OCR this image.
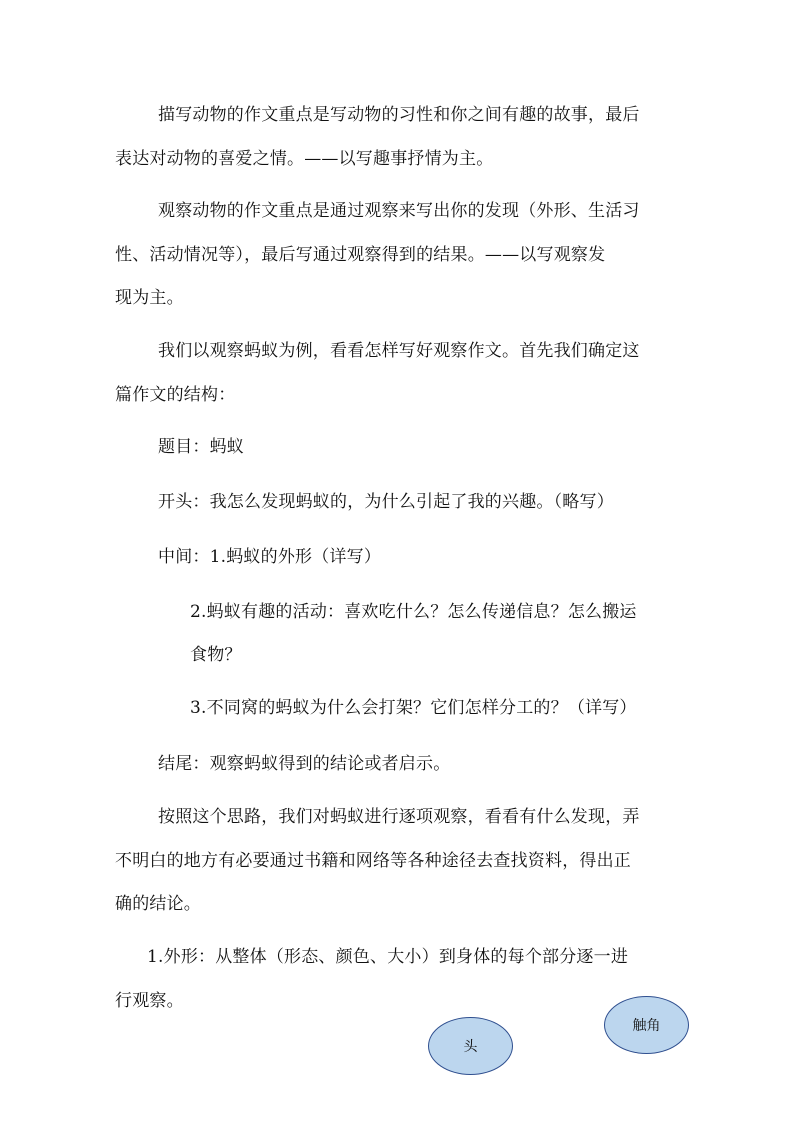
描写动物的作文重点是写动物的习性和你之间有趣的故事，最后
表达对动物的喜爱之情。——以写趣事抒情为主。
观察动物的作文重点是通过观察来写出你的发现（外形、生活习
性、活动情况等），最后写通过观察得到的结果。——以写观察发
现为主。
我们以观察蚂蚁为例，看看怎样写好观察作文。首先我们确定这
篇作文的结构：
题目：蚂蚁
开头：我怎么发现蚂蚁的，为什么引起了我的兴趣。（略写）
中间：1.蚂蚁的外形（详写）
2.蚂蚁有趣的活动：喜欢吃什么？怎么传递信息？怎么搬运
食物？
3.不同窝的蚂蚁为什么会打架？它们怎样分工的？（详写）
结尾：观察蚂蚁得到的结论或者启示。
按照这个思路，我们对蚂蚁进行逐项观察，看看有什么发现，弄
不明白的地方有必要通过书籍和网络等各种途径去查找资料，得出正
确的结论。
1.外形：从整体（形态、颜色、大小）到身体的每个部分逐一进
行观察。
触角
头
